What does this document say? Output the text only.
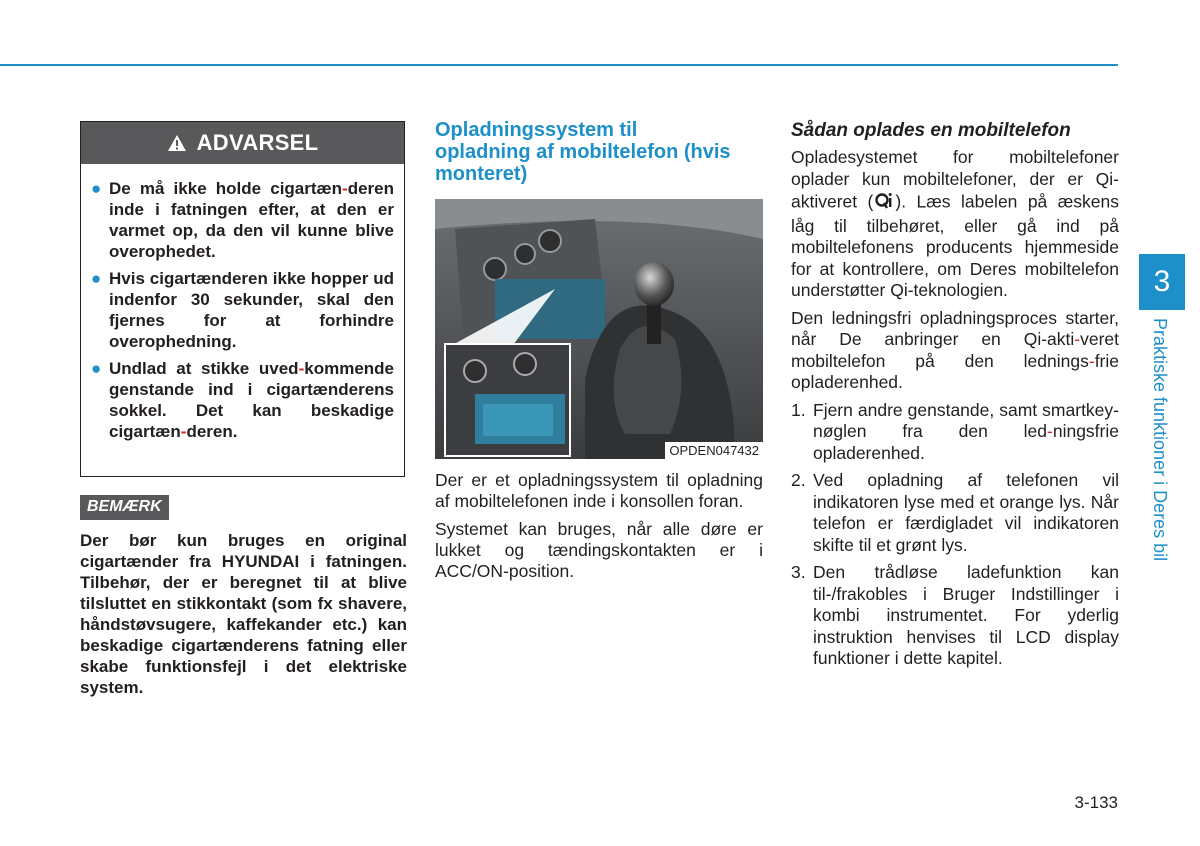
ADVARSEL
● De må ikke holde cigartæn-deren inde i fatningen efter, at den er varmet op, da den vil kunne blive overophedet.
● Hvis cigartænderen ikke hopper ud indenfor 30 sekunder, skal den fjernes for at forhindre overophedning.
● Undlad at stikke uved-kommende genstande ind i cigartænderens sokkel. Det kan beskadige cigartæn-deren.
BEMÆRK
Der bør kun bruges en original cigartænder fra HYUNDAI i fatningen. Tilbehør, der er beregnet til at blive tilsluttet en stikkontakt (som fx shavere, håndstøvsugere, kaffekander etc.) kan beskadige cigartænderens fatning eller skabe funktionsfejl i det elektriske system.
Opladningssystem til opladning af mobiltelefon (hvis monteret)
OPDEN047432

Der er et opladningssystem til opladning af mobiltelefonen inde i konsollen foran.

Systemet kan bruges, når alle døre er lukket og tændingskontakten er i ACC/ON-position.

Sådan oplades en mobiltelefon

Opladesystemet for mobiltelefoner oplader kun mobiltelefoner, der er Qi-aktiveret ( ). Læs labelen på æskens låg til tilbehøret, eller gå ind på mobiltelefonens producents hjemmeside for at kontrollere, om Deres mobiltelefon understøtter Qi-teknologien.

Den ledningsfri opladningsproces starter, når De anbringer en Qi-akti-veret mobiltelefon på den lednings-frie opladerenhed.

1. Fjern andre genstande, samt smartkey-nøglen fra den led-ningsfrie opladerenhed.
2. Ved opladning af telefonen vil indikatoren lyse med et orange lys. Når telefon er færdigladet vil indikatoren skifte til et grønt lys.
3. Den trådløse ladefunktion kan til-/frakobles i Bruger Indstillinger i kombi instrumentet. For yderlig instruktion henvises til LCD display funktioner i dette kapitel.
3
Praktiske funktioner i Deres bil
3-133
